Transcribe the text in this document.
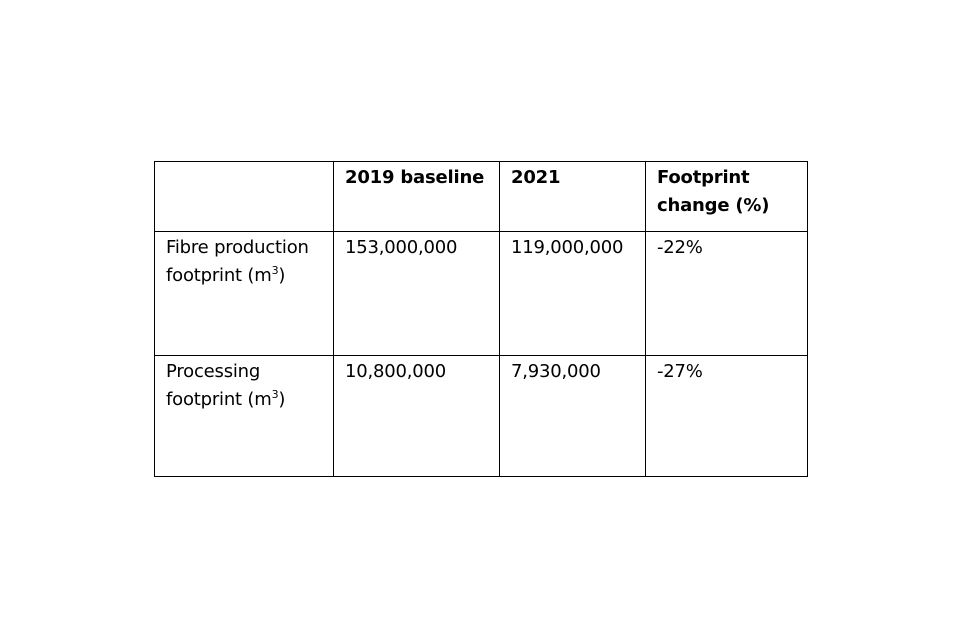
	2019 baseline	2021	Footprint change (%)
Fibre production footprint $(m^3)$	153,000,000	119,000,000	-22%
Processing footprint $(m^3)$	10,800,000	7,930,000	-27%
